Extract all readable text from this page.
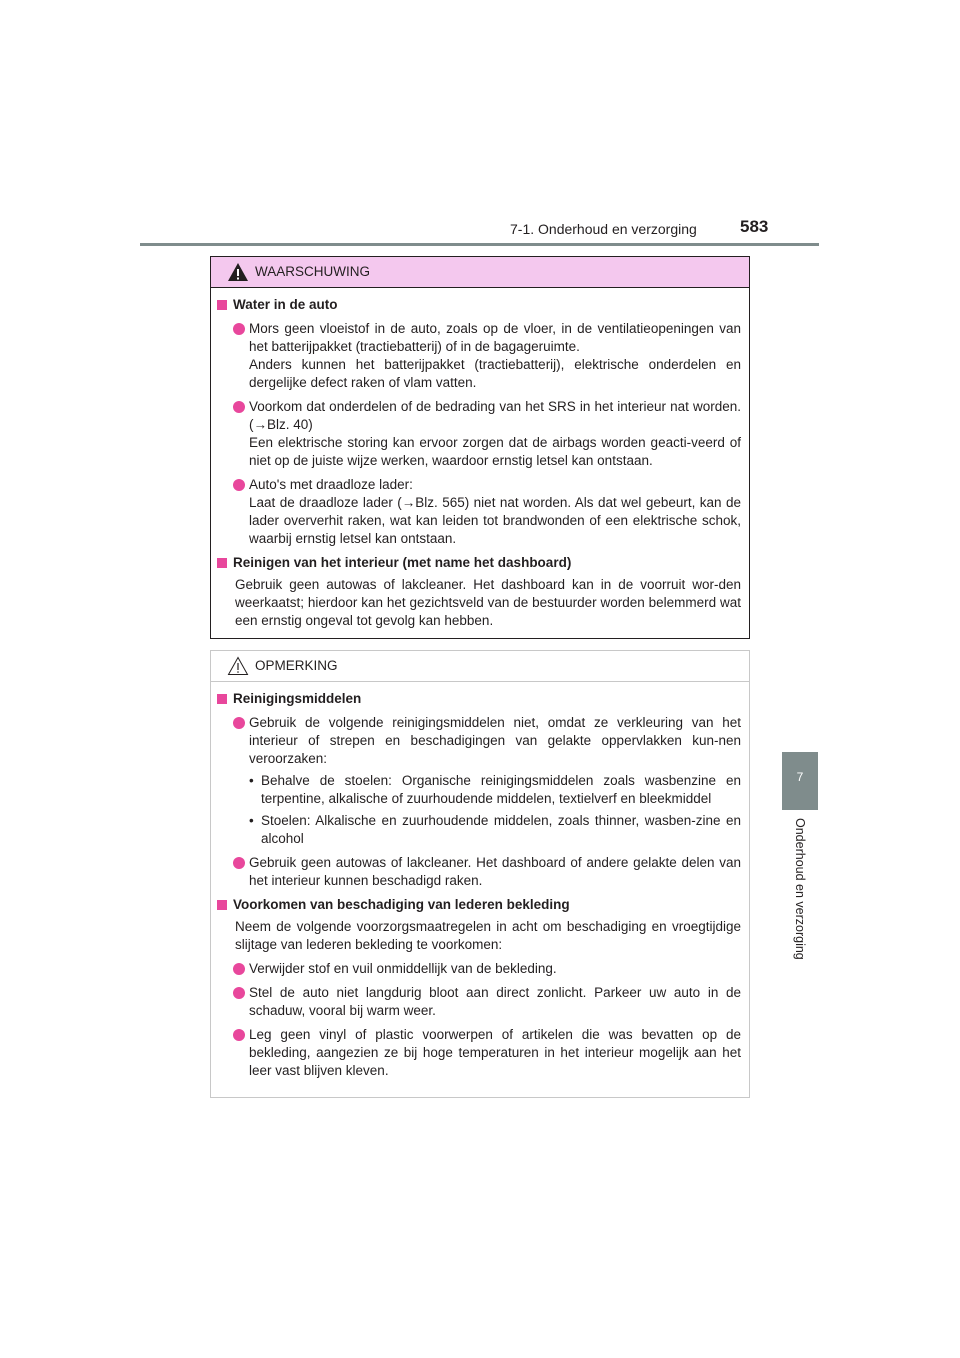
7-1. Onderhoud en verzorging	583
7
Onderhoud en verzorging
WAARSCHUWING
Water in de auto
Mors geen vloeistof in de auto, zoals op de vloer, in de ventilatieopeningen van het batterijpakket (tractiebatterij) of in de bagageruimte.
Anders kunnen het batterijpakket (tractiebatterij), elektrische onderdelen en dergelijke defect raken of vlam vatten.
Voorkom dat onderdelen of de bedrading van het SRS in het interieur nat worden. (→Blz. 40)
Een elektrische storing kan ervoor zorgen dat de airbags worden geacti-veerd of niet op de juiste wijze werken, waardoor ernstig letsel kan ontstaan.
Auto's met draadloze lader:
Laat de draadloze lader (→Blz. 565) niet nat worden. Als dat wel gebeurt, kan de lader oververhit raken, wat kan leiden tot brandwonden of een elektrische schok, waarbij ernstig letsel kan ontstaan.
Reinigen van het interieur (met name het dashboard)
Gebruik geen autowas of lakcleaner. Het dashboard kan in de voorruit wor-den weerkaatst; hierdoor kan het gezichtsveld van de bestuurder worden belemmerd wat een ernstig ongeval tot gevolg kan hebben.
OPMERKING
Reinigingsmiddelen
Gebruik de volgende reinigingsmiddelen niet, omdat ze verkleuring van het interieur of strepen en beschadigingen van gelakte oppervlakken kun-nen veroorzaken:
• Behalve de stoelen: Organische reinigingsmiddelen zoals wasbenzine en terpentine, alkalische of zuurhoudende middelen, textielverf en bleekmiddel
• Stoelen: Alkalische en zuurhoudende middelen, zoals thinner, wasben-zine en alcohol
Gebruik geen autowas of lakcleaner. Het dashboard of andere gelakte delen van het interieur kunnen beschadigd raken.
Voorkomen van beschadiging van lederen bekleding
Neem de volgende voorzorgsmaatregelen in acht om beschadiging en vroegtijdige slijtage van lederen bekleding te voorkomen:
Verwijder stof en vuil onmiddellijk van de bekleding.
Stel de auto niet langdurig bloot aan direct zonlicht. Parkeer uw auto in de schaduw, vooral bij warm weer.
Leg geen vinyl of plastic voorwerpen of artikelen die was bevatten op de bekleding, aangezien ze bij hoge temperaturen in het interieur mogelijk aan het leer vast blijven kleven.
